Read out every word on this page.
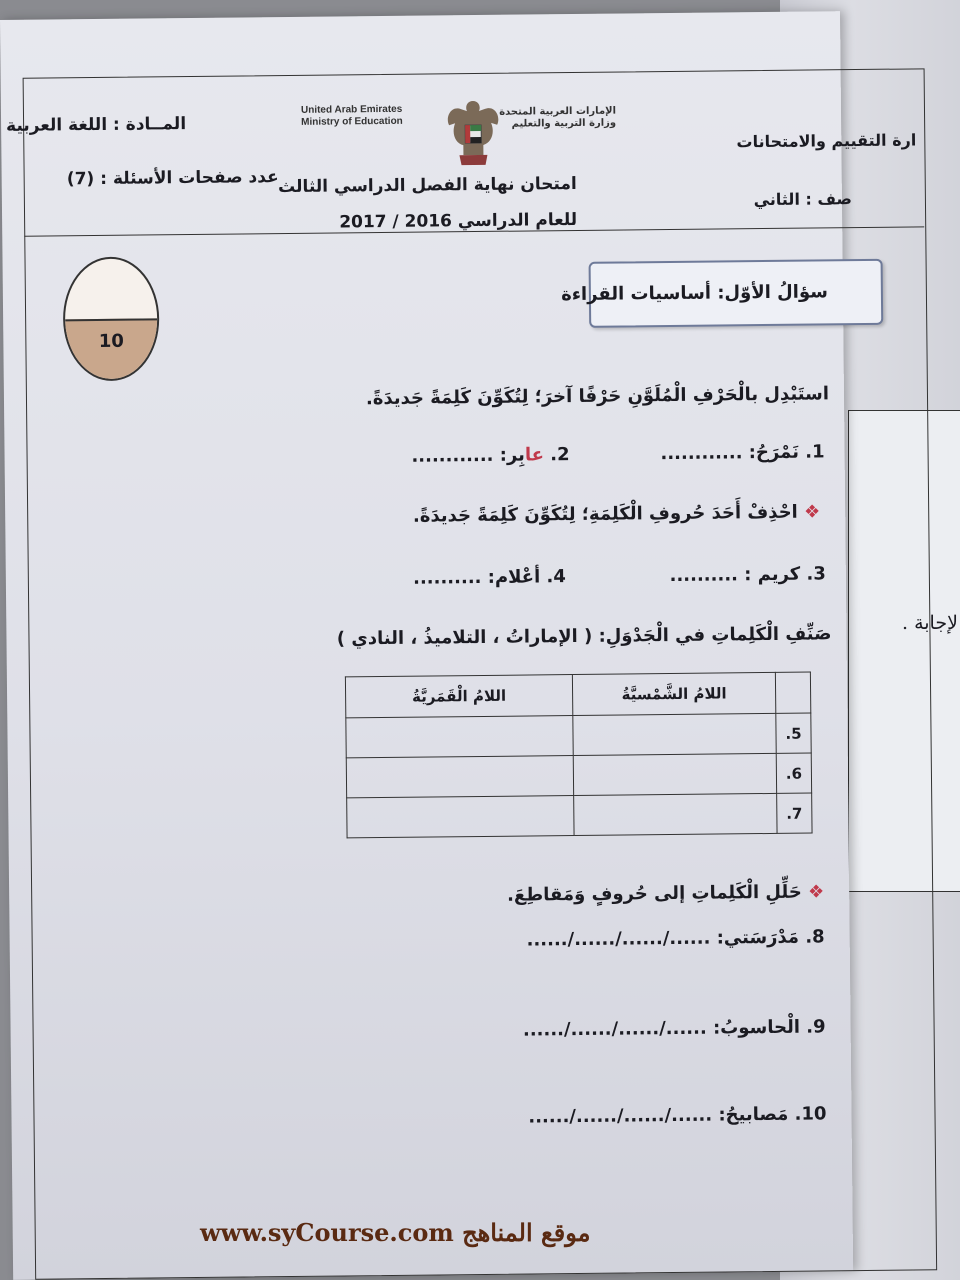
لإجابة .
المــادة : اللغة العربية
عدد صفحات الأسئلة : (7)
United Arab Emirates
Ministry of Education
الإمارات العربية المتحدة
وزارة التربية والتعليم
امتحان نهاية الفصل الدراسي الثالث
للعام الدراسي 2016 / 2017
ارة التقييم والامتحانات
صف : الثاني
10
سؤالُ الأوّل: أساسيات القراءة
استَبْدِل بالْحَرْفِ الْمُلَوَّنِ حَرْفًا آخرَ؛ لِتُكَوِّنَ كَلِمَةً جَديدَةً.
1. نَمْرَحُ: ............
2. عابِر: ............
❖ احْذِفْ أَحَدَ حُروفِ الْكَلِمَةِ؛ لِتُكَوِّنَ كَلِمَةً جَديدَةً.
3. كريم : ..........
4. أعْلام: ..........
صَنِّفِ الْكَلِماتِ في الْجَدْوَلِ: ( الإماراتُ ، التلاميذُ ، النادي )
اللامُ الْقَمَريَّةُ	اللامُ الشَّمْسيَّةُ	
		.5
		.6
		.7
❖ حَلِّلِ الْكَلِماتِ إلى حُروفٍ وَمَقاطِعَ.
8. مَدْرَسَتي: ....../....../....../......
9. الْحاسوبُ: ....../....../....../......
10. مَصابيحُ: ....../....../....../......
www.syCourse.com موقع المناهج
